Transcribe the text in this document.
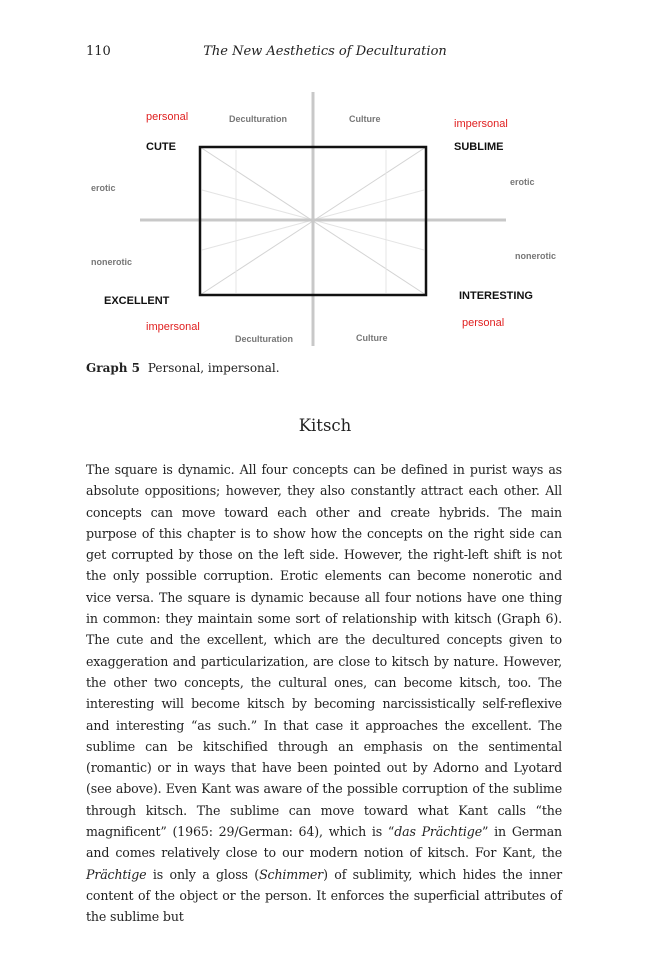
110	The New Aesthetics of Deculturation
personal	Deculturation	Culture	impersonal
CUTE	SUBLIME
erotic
erotic
nonerotic
nonerotic
EXCELLENT	INTERESTING
impersonal	personal
Deculturation	Culture
Graph 5 Personal, impersonal.
Kitsch

The square is dynamic. All four concepts can be defined in purist ways as absolute oppositions; however, they also constantly attract each other. All concepts can move toward each other and create hybrids. The main purpose of this chapter is to show how the concepts on the right side can get corrupted by those on the left side. However, the right-left shift is not the only possible corruption. Erotic elements can become nonerotic and vice versa. The square is dynamic because all four notions have one thing in common: they maintain some sort of relationship with kitsch (Graph 6). The cute and the excellent, which are the decultured concepts given to exaggeration and particularization, are close to kitsch by nature. However, the other two concepts, the cultural ones, can become kitsch, too. The interesting will become kitsch by becoming narcissistically self-reflexive and interesting “as such.” In that case it approaches the excellent. The sublime can be kitschified through an emphasis on the sentimental (romantic) or in ways that have been pointed out by Adorno and Lyotard (see above). Even Kant was aware of the possible corruption of the sublime through kitsch. The sublime can move toward what Kant calls “the magnificent” (1965: 29/German: 64), which is “das Prächtige” in German and comes relatively close to our modern notion of kitsch. For Kant, the Prächtige is only a gloss (Schimmer) of sublimity, which hides the inner content of the object or the person. It enforces the superficial attributes of the sublime but
